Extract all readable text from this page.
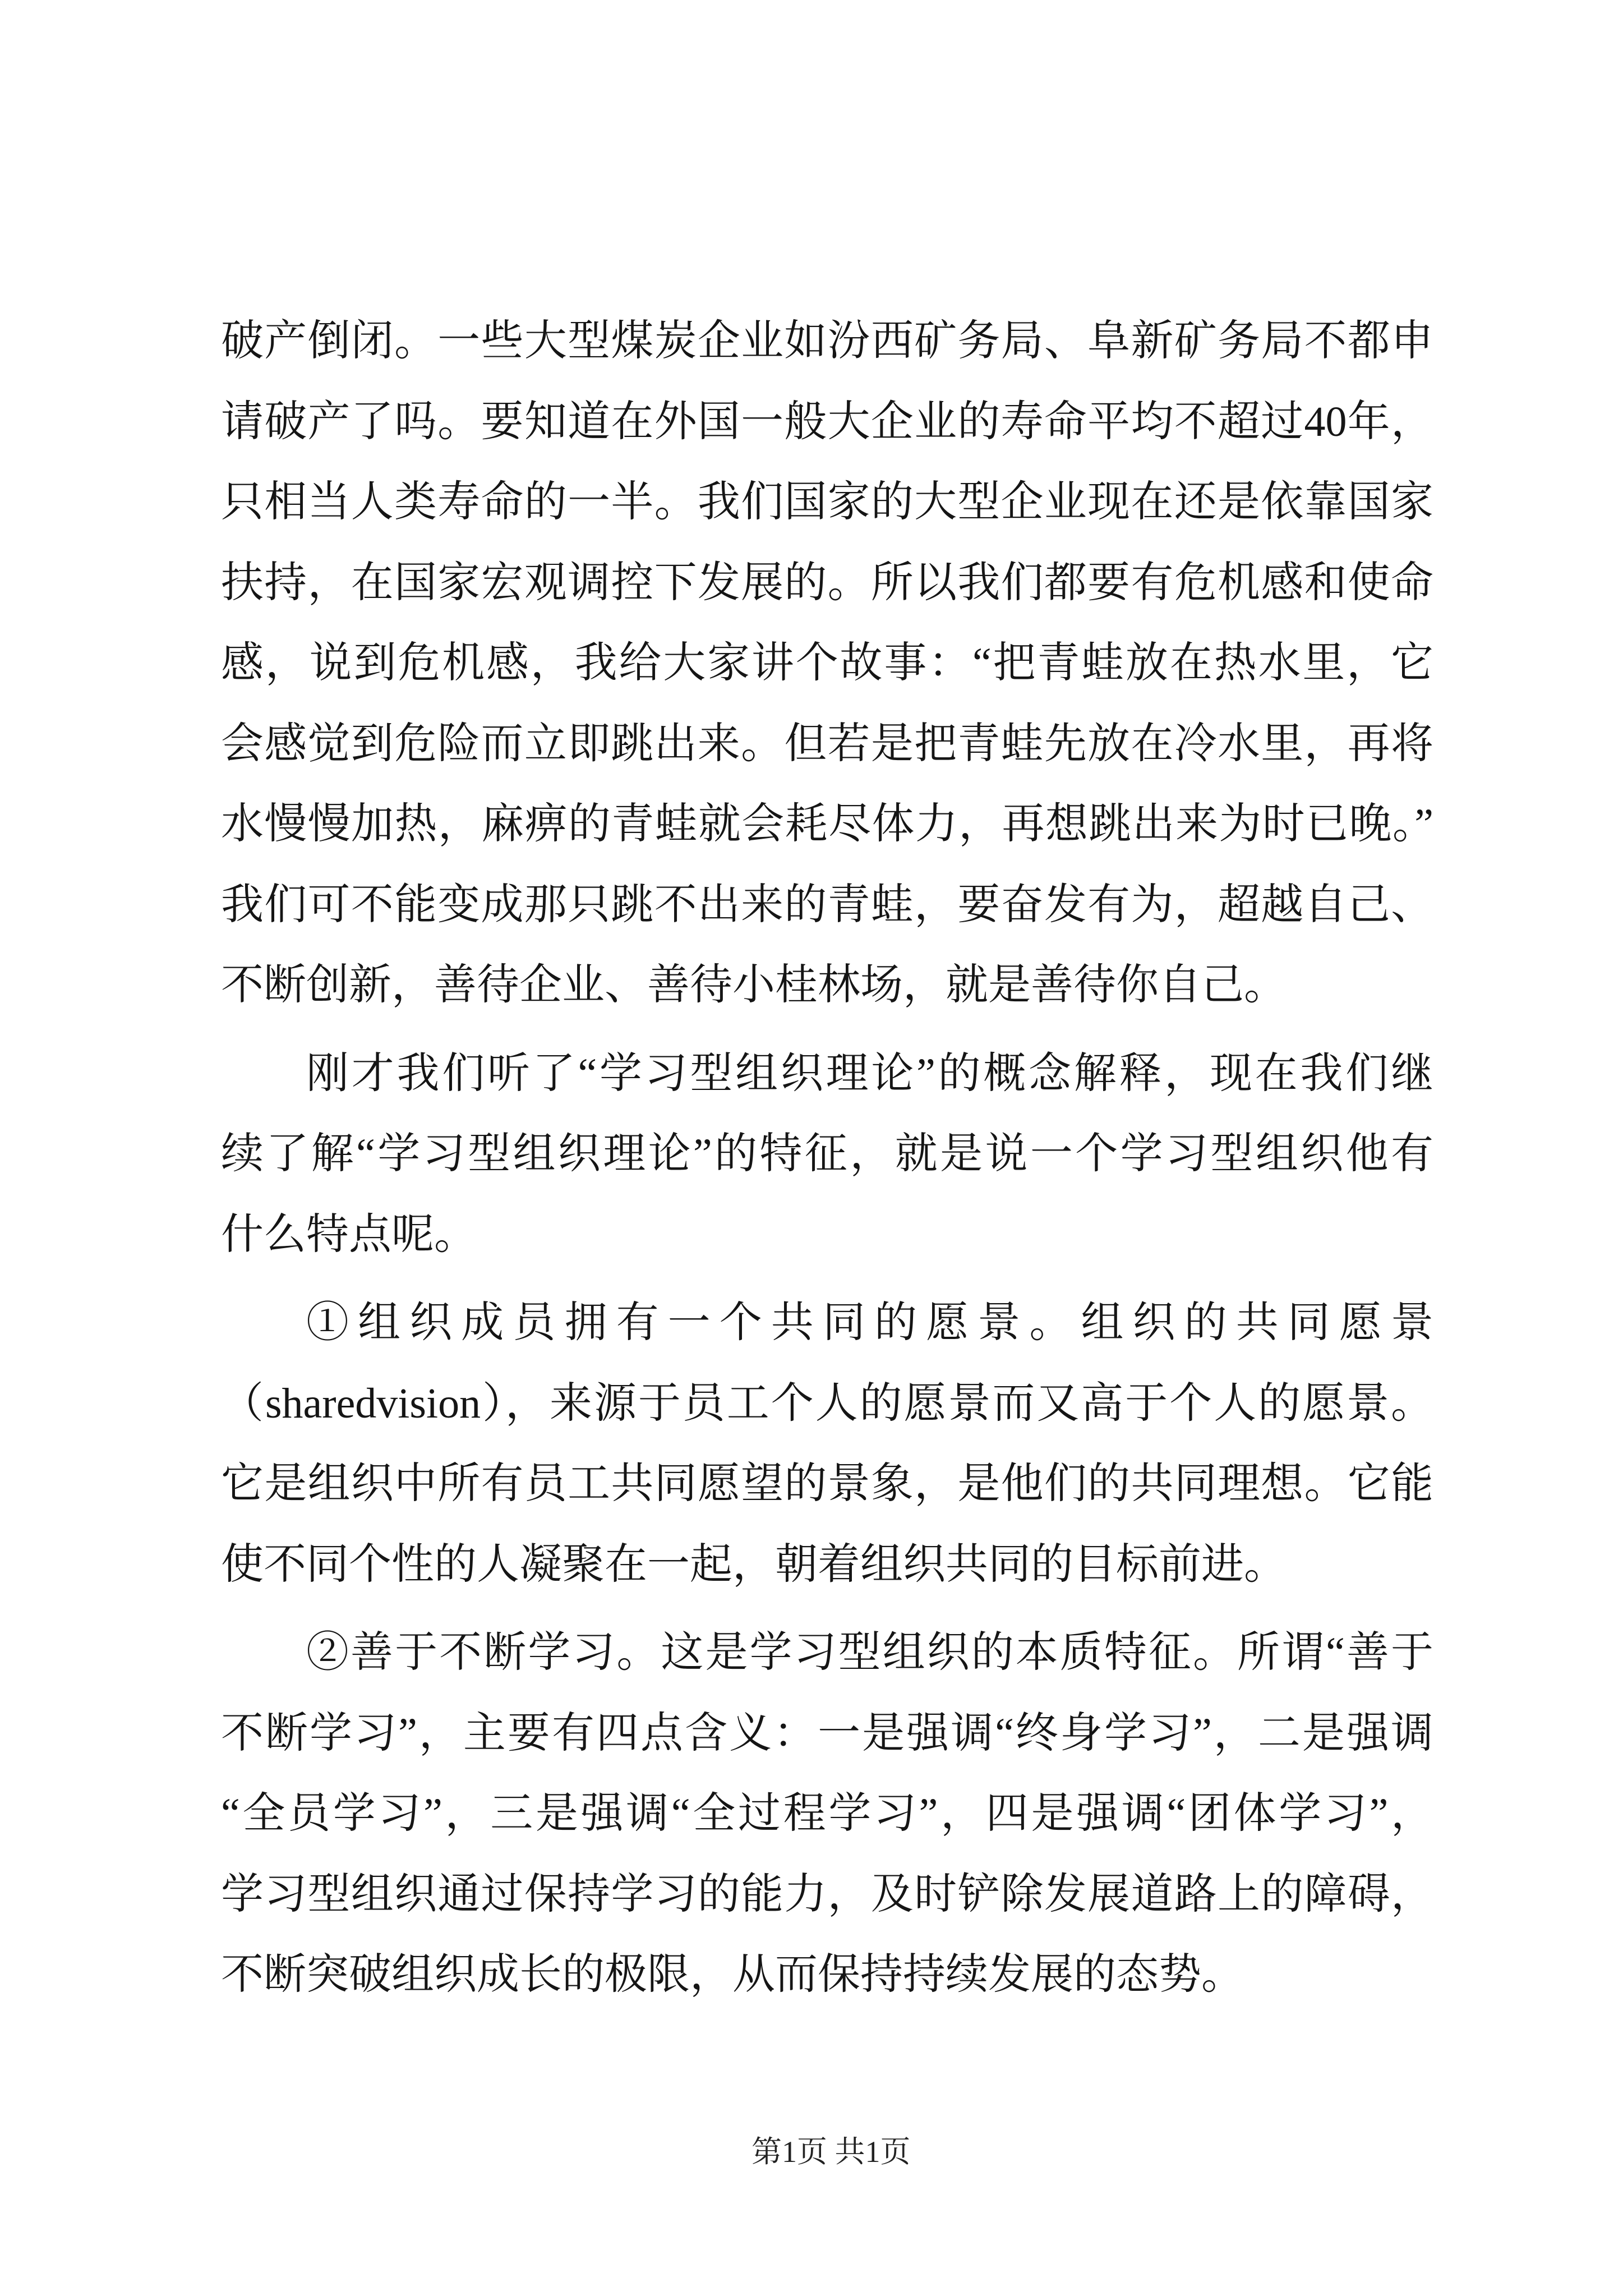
破产倒闭。一些大型煤炭企业如汾西矿务局、阜新矿务局不都申
请破产了吗。要知道在外国一般大企业的寿命平均不超过40年，
只相当人类寿命的一半。我们国家的大型企业现在还是依靠国家
扶持，在国家宏观调控下发展的。所以我们都要有危机感和使命
感，说到危机感，我给大家讲个故事：“把青蛙放在热水里，它
会感觉到危险而立即跳出来。但若是把青蛙先放在冷水里，再将
水慢慢加热，麻痹的青蛙就会耗尽体力，再想跳出来为时已晚。”
我们可不能变成那只跳不出来的青蛙，要奋发有为，超越自己、
不断创新，善待企业、善待小桂林场，就是善待你自己。
刚才我们听了“学习型组织理论”的概念解释，现在我们继
续了解“学习型组织理论”的特征，就是说一个学习型组织他有
什么特点呢。
①组织成员拥有一个共同的愿景。组织的共同愿景
（sharedvision），来源于员工个人的愿景而又高于个人的愿景。
它是组织中所有员工共同愿望的景象，是他们的共同理想。它能
使不同个性的人凝聚在一起，朝着组织共同的目标前进。
②善于不断学习。这是学习型组织的本质特征。所谓“善于
不断学习”，主要有四点含义：一是强调“终身学习”，二是强调
“全员学习”，三是强调“全过程学习”，四是强调“团体学习”，
学习型组织通过保持学习的能力，及时铲除发展道路上的障碍，
不断突破组织成长的极限，从而保持持续发展的态势。
第1页 共1页
